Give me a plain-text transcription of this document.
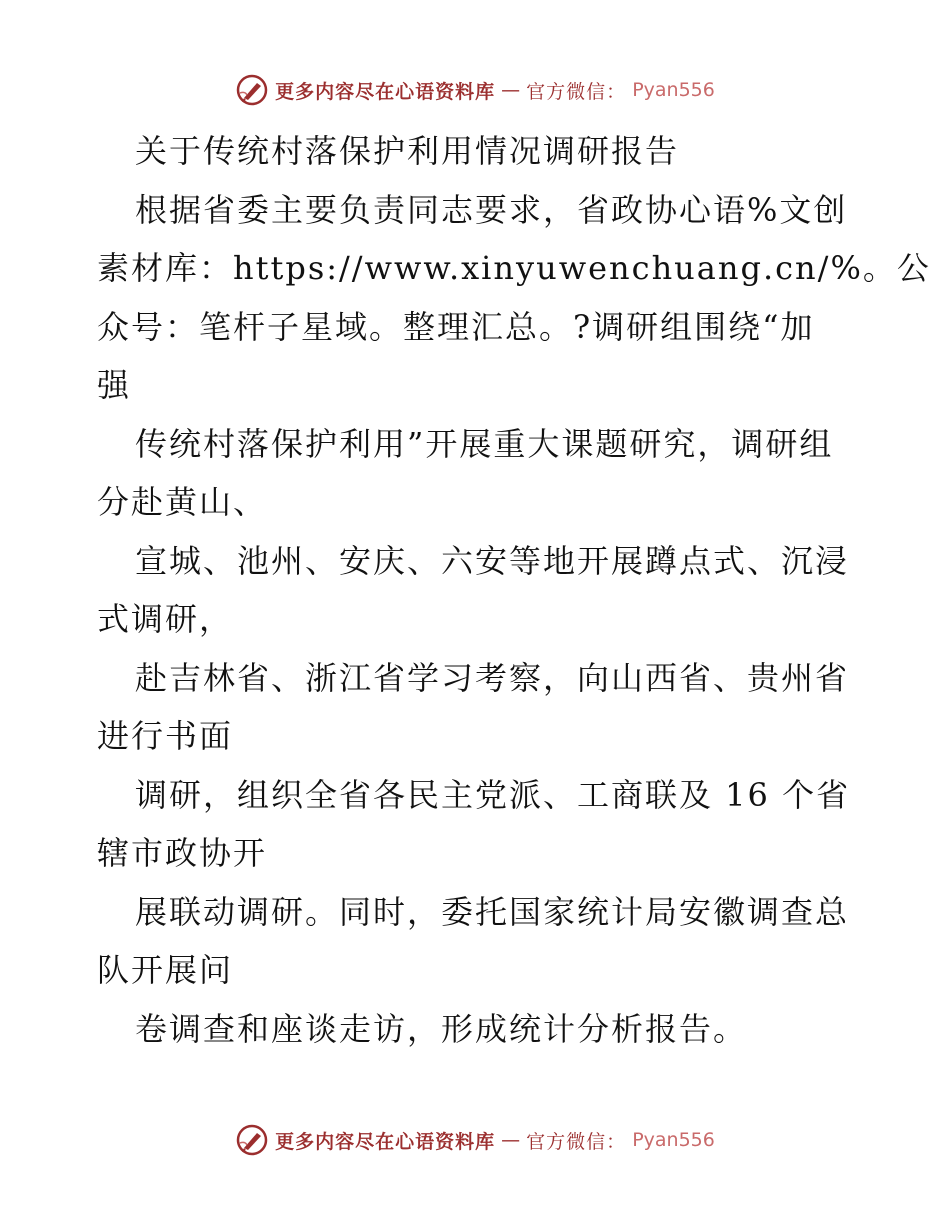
更多内容尽在心语资料库 — 官方微信： Pyan556
关于传统村落保护利用情况调研报告
根据省委主要负责同志要求，省政协心语%文创
素材库：https://www.xinyuwenchuang.cn/%。公
众号：笔杆子星域。整理汇总。?调研组围绕“加
强
传统村落保护利用”开展重大课题研究，调研组
分赴黄山、
宣城、池州、安庆、六安等地开展蹲点式、沉浸
式调研，
赴吉林省、浙江省学习考察，向山西省、贵州省
进行书面
调研，组织全省各民主党派、工商联及 16 个省
辖市政协开
展联动调研。同时，委托国家统计局安徽调查总
队开展问
卷调查和座谈走访，形成统计分析报告。
更多内容尽在心语资料库 — 官方微信： Pyan556
